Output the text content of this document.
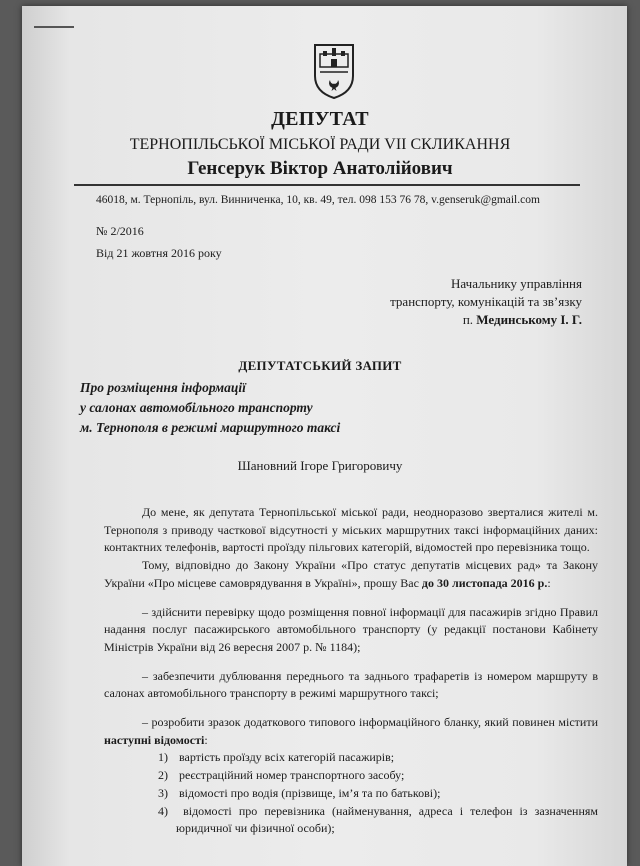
ДЕПУТАТ
ТЕРНОПІЛЬСЬКОЇ МІСЬКОЇ РАДИ VII СКЛИКАННЯ
Генсерук Віктор Анатолійович
46018, м. Тернопіль, вул. Винниченка, 10, кв. 49, тел. 098 153 76 78, v.genseruk@gmail.com
№ 2/2016
Від 21 жовтня 2016 року
Начальнику управління
транспорту, комунікацій та зв’язку
п. Мединському І. Г.
ДЕПУТАТСЬКИЙ ЗАПИТ
Про розміщення інформації
у салонах автомобільного транспорту
м. Тернополя в режимі маршрутного таксі
Шановний Ігоре Григоровичу

До мене, як депутата Тернопільської міської ради, неодноразово зверталися жителі м. Тернополя з приводу часткової відсутності у міських маршрутних таксі інформаційних даних: контактних телефонів, вартості проїзду пільгових категорій, відомостей про перевізника тощо.

Тому, відповідно до Закону України «Про статус депутатів місцевих рад» та Закону України «Про місцеве самоврядування в Україні», прошу Вас до 30 листопада 2016 р.:

– здійснити перевірку щодо розміщення повної інформації для пасажирів згідно Правил надання послуг пасажирського автомобільного транспорту (у редакції постанови Кабінету Міністрів України від 26 вересня 2007 р. № 1184);

– забезпечити дублювання переднього та заднього трафаретів із номером маршруту в салонах автомобільного транспорту в режимі маршрутного таксі;

– розробити зразок додаткового типового інформаційного бланку, який повинен містити наступні відомості:

1) вартість проїзду всіх категорій пасажирів;
2) реєстраційний номер транспортного засобу;
3) відомості про водія (прізвище, ім’я та по батькові);
4) відомості про перевізника (найменування, адреса і телефон із зазначенням юридичної чи фізичної особи);
